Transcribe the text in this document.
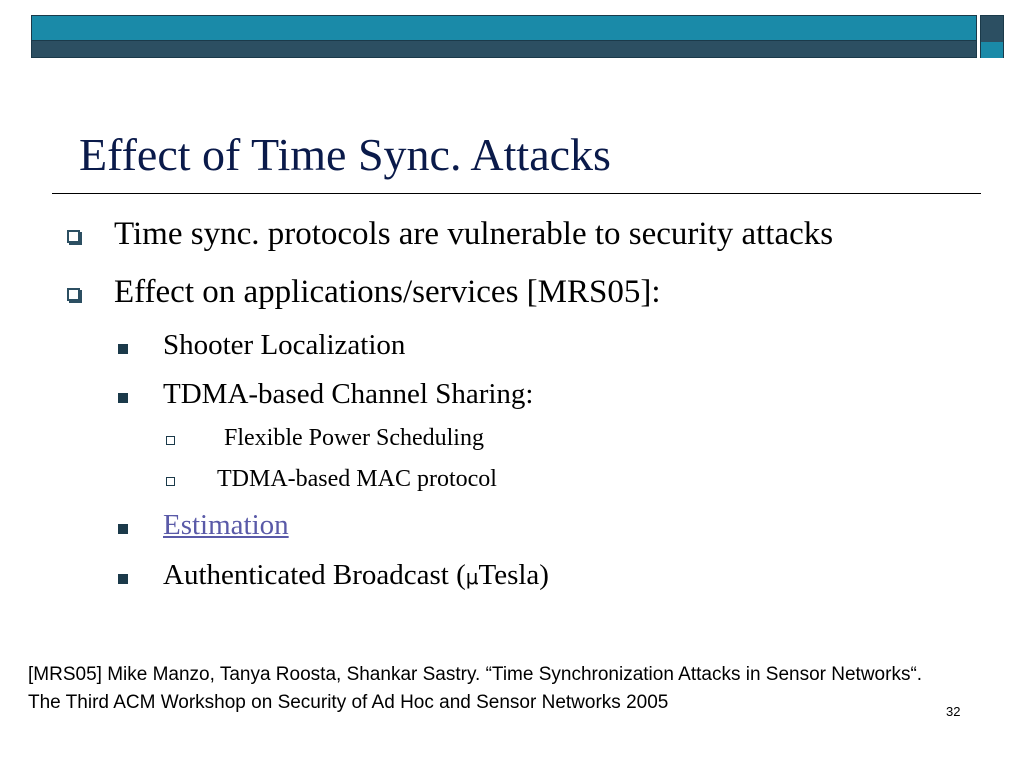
Effect of Time Sync. Attacks
Time sync. protocols are vulnerable to security attacks
Effect on applications/services [MRS05]:
Shooter Localization
TDMA-based Channel Sharing:
Flexible Power Scheduling
TDMA-based MAC protocol
Estimation
Authenticated Broadcast (μTesla)
[MRS05] Mike Manzo, Tanya Roosta, Shankar Sastry. “Time Synchronization Attacks in Sensor Networks“. The Third ACM Workshop on Security of Ad Hoc and Sensor Networks 2005	32
